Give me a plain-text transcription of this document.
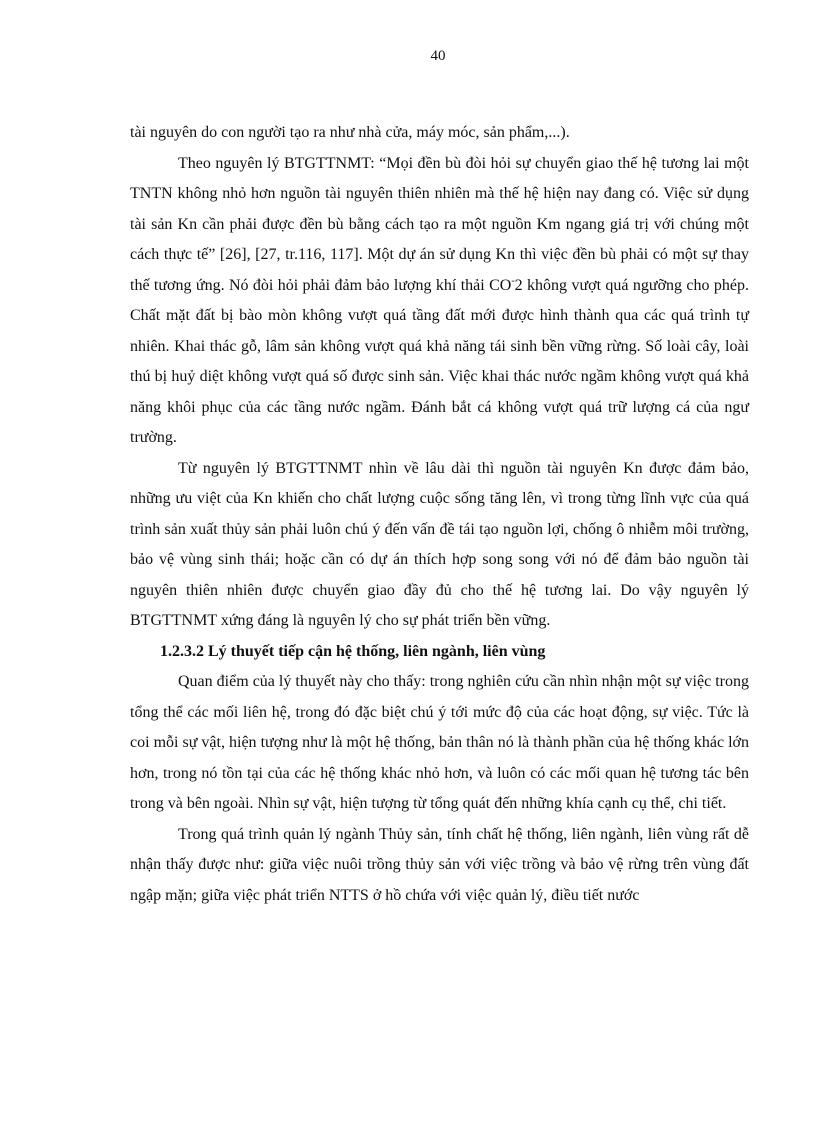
40

tài nguyên do con người tạo ra như nhà cửa, máy móc, sản phẩm,...).

Theo nguyên lý BTGTTNMT: “Mọi đền bù đòi hỏi sự chuyển giao thế hệ tương lai một TNTN không nhỏ hơn nguồn tài nguyên thiên nhiên mà thế hệ hiện nay đang có. Việc sử dụng tài sản Kn cần phải được đền bù bằng cách tạo ra một nguồn Km ngang giá trị với chúng một cách thực tế” [26], [27, tr.116, 117]. Một dự án sử dụng Kn thì việc đền bù phải có một sự thay thế tương ứng. Nó đòi hỏi phải đảm bảo lượng khí thải CO-2 không vượt quá ngưỡng cho phép. Chất mặt đất bị bào mòn không vượt quá tầng đất mới được hình thành qua các quá trình tự nhiên. Khai thác gỗ, lâm sản không vượt quá khả năng tái sinh bền vững rừng. Số loài cây, loài thú bị huỷ diệt không vượt quá số được sinh sản. Việc khai thác nước ngầm không vượt quá khả năng khôi phục của các tầng nước ngầm. Đánh bắt cá không vượt quá trữ lượng cá của ngư trường.

Từ nguyên lý BTGTTNMT nhìn về lâu dài thì nguồn tài nguyên Kn được đảm bảo, những ưu việt của Kn khiến cho chất lượng cuộc sống tăng lên, vì trong từng lĩnh vực của quá trình sản xuất thủy sản phải luôn chú ý đến vấn đề tái tạo nguồn lợi, chống ô nhiễm môi trường, bảo vệ vùng sinh thái; hoặc cần có dự án thích hợp song song với nó để đảm bảo nguồn tài nguyên thiên nhiên được chuyển giao đầy đủ cho thế hệ tương lai. Do vậy nguyên lý BTGTTNMT xứng đáng là nguyên lý cho sự phát triển bền vững.

1.2.3.2 Lý thuyết tiếp cận hệ thống, liên ngành, liên vùng

Quan điểm của lý thuyết này cho thấy: trong nghiên cứu cần nhìn nhận một sự việc trong tổng thể các mối liên hệ, trong đó đặc biệt chú ý tới mức độ của các hoạt động, sự việc. Tức là coi mỗi sự vật, hiện tượng như là một hệ thống, bản thân nó là thành phần của hệ thống khác lớn hơn, trong nó tồn tại của các hệ thống khác nhỏ hơn, và luôn có các mối quan hệ tương tác bên trong và bên ngoài. Nhìn sự vật, hiện tượng từ tổng quát đến những khía cạnh cụ thể, chi tiết.

Trong quá trình quản lý ngành Thủy sản, tính chất hệ thống, liên ngành, liên vùng rất dễ nhận thấy được như: giữa việc nuôi trồng thủy sản với việc trồng và bảo vệ rừng trên vùng đất ngập mặn; giữa việc phát triển NTTS ở hồ chứa với việc quản lý, điều tiết nước
